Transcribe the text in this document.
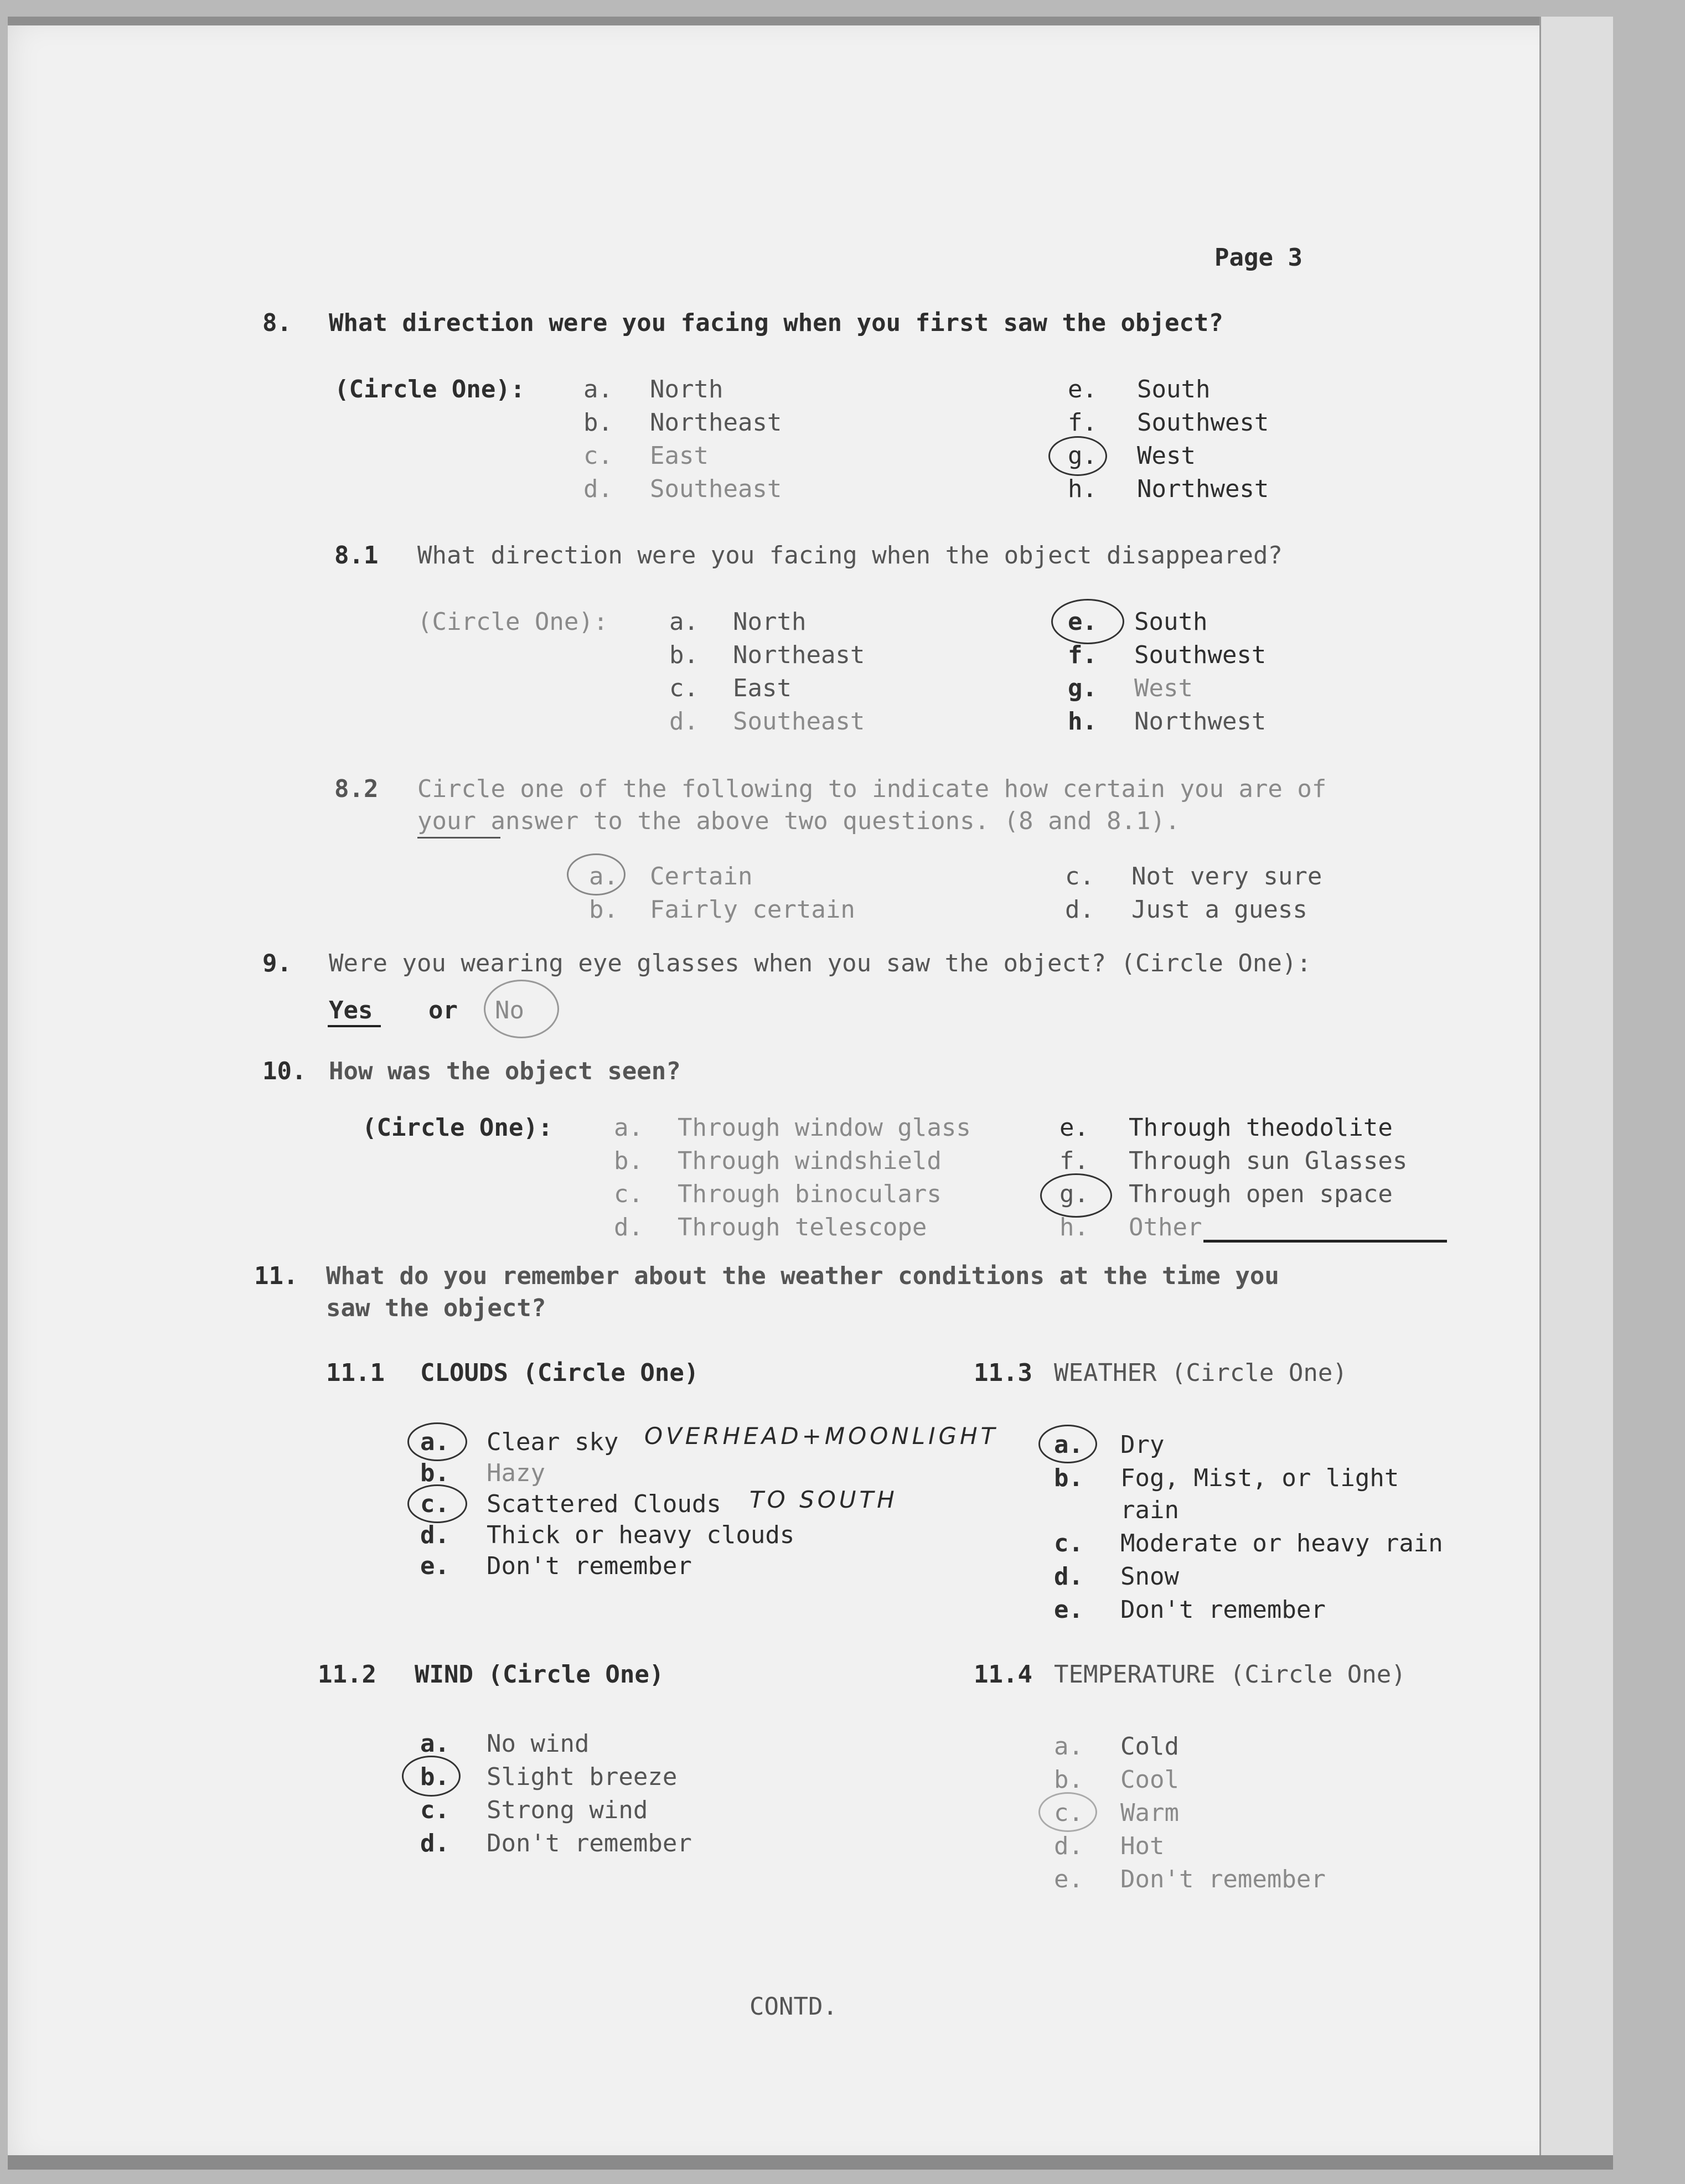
Page 3
8. What direction were you facing when you first saw the object?
(Circle One): a. North
b. Northeast
c. East
d. Southeast
e. South
f. Southwest
g. West
h. Northwest
8.1 What direction were you facing when the object disappeared?
(Circle One):	a. North
b. Northeast
c. East
d. Southeast
e. South
f. Southwest
g. West
h. Northwest
8.2 Circle one of the following to indicate how certain you are of
your answer to the above two questions. (8 and 8.1).
a. Certain
b. Fairly certain
c. Not very sure
d. Just a guess
9. Were you wearing eye glasses when you saw the object? (Circle One):
Yes or No
10. How was the object seen?
(Circle One):	a. Through window glass
b. Through windshield
c. Through binoculars
d. Through telescope
e. Through theodolite
f. Through sun Glasses
g. Through open space
h. Other
11. What do you remember about the weather conditions at the time you
saw the object?
11.1 CLOUDS (Circle One)
a. Clear sky OVERHEAD+MOONLIGHT
b. Hazy
c. Scattered Clouds TO SOUTH
d. Thick or heavy clouds
e. Don't remember
11.3 WEATHER (Circle One)
a. Dry
b. Fog, Mist, or light
rain
c. Moderate or heavy rain
d. Snow
e. Don't remember
11.2 WIND (Circle One)
a. No wind
b. Slight breeze
c. Strong wind
d. Don't remember
11.4 TEMPERATURE (Circle One)
a. Cold
b. Cool
c. Warm
d. Hot
e. Don't remember
CONTD.
